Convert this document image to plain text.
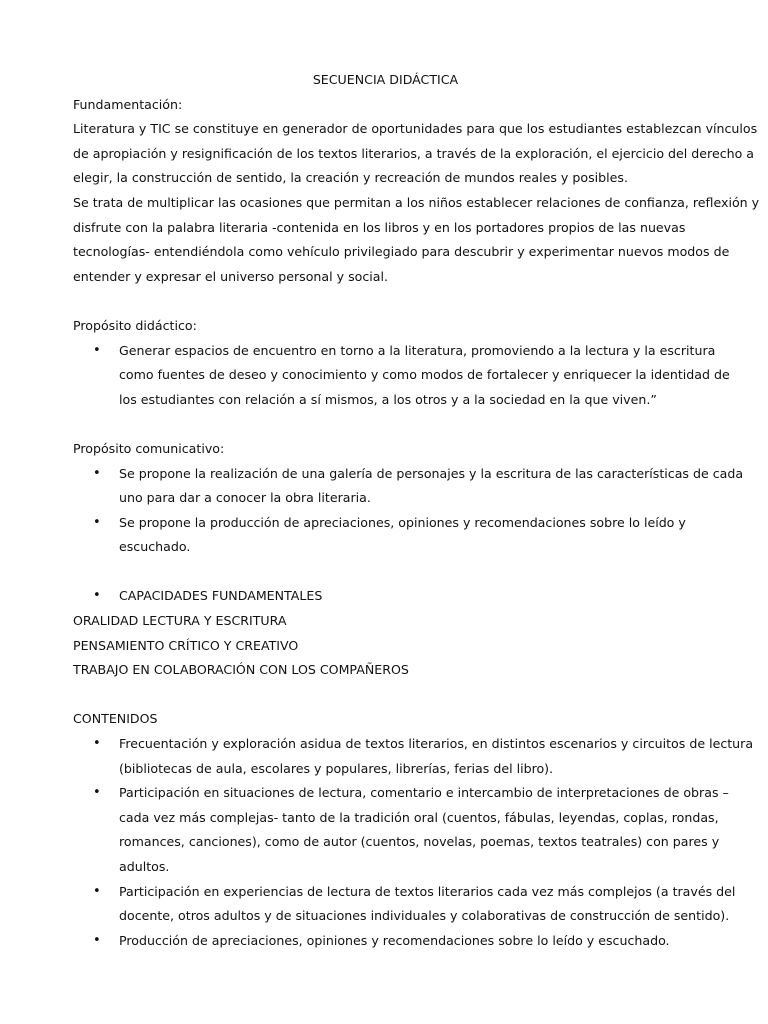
SECUENCIA DIDÁCTICA
Fundamentación:
Literatura y TIC se constituye en generador de oportunidades para que los estudiantes establezcan vínculos
de apropiación y resignificación de los textos literarios, a través de la exploración, el ejercicio del derecho a
elegir, la construcción de sentido, la creación y recreación de mundos reales y posibles.
Se trata de multiplicar las ocasiones que permitan a los niños establecer relaciones de confianza, reflexión y
disfrute con la palabra literaria -contenida en los libros y en los portadores propios de las nuevas
tecnologías- entendiéndola como vehículo privilegiado para descubrir y experimentar nuevos modos de
entender y expresar el universo personal y social.
Propósito didáctico:
• Generar espacios de encuentro en torno a la literatura, promoviendo a la lectura y la escritura
como fuentes de deseo y conocimiento y como modos de fortalecer y enriquecer la identidad de
los estudiantes con relación a sí mismos, a los otros y a la sociedad en la que viven.”
Propósito comunicativo:
• Se propone la realización de una galería de personajes y la escritura de las características de cada
uno para dar a conocer la obra literaria.
• Se propone la producción de apreciaciones, opiniones y recomendaciones sobre lo leído y
escuchado.
• CAPACIDADES FUNDAMENTALES
ORALIDAD LECTURA Y ESCRITURA
PENSAMIENTO CRÍTICO Y CREATIVO
TRABAJO EN COLABORACIÓN CON LOS COMPAÑEROS
CONTENIDOS
• Frecuentación y exploración asidua de textos literarios, en distintos escenarios y circuitos de lectura
(bibliotecas de aula, escolares y populares, librerías, ferias del libro).
• Participación en situaciones de lectura, comentario e intercambio de interpretaciones de obras –
cada vez más complejas- tanto de la tradición oral (cuentos, fábulas, leyendas, coplas, rondas,
romances, canciones), como de autor (cuentos, novelas, poemas, textos teatrales) con pares y
adultos.
• Participación en experiencias de lectura de textos literarios cada vez más complejos (a través del
docente, otros adultos y de situaciones individuales y colaborativas de construcción de sentido).
• Producción de apreciaciones, opiniones y recomendaciones sobre lo leído y escuchado.
